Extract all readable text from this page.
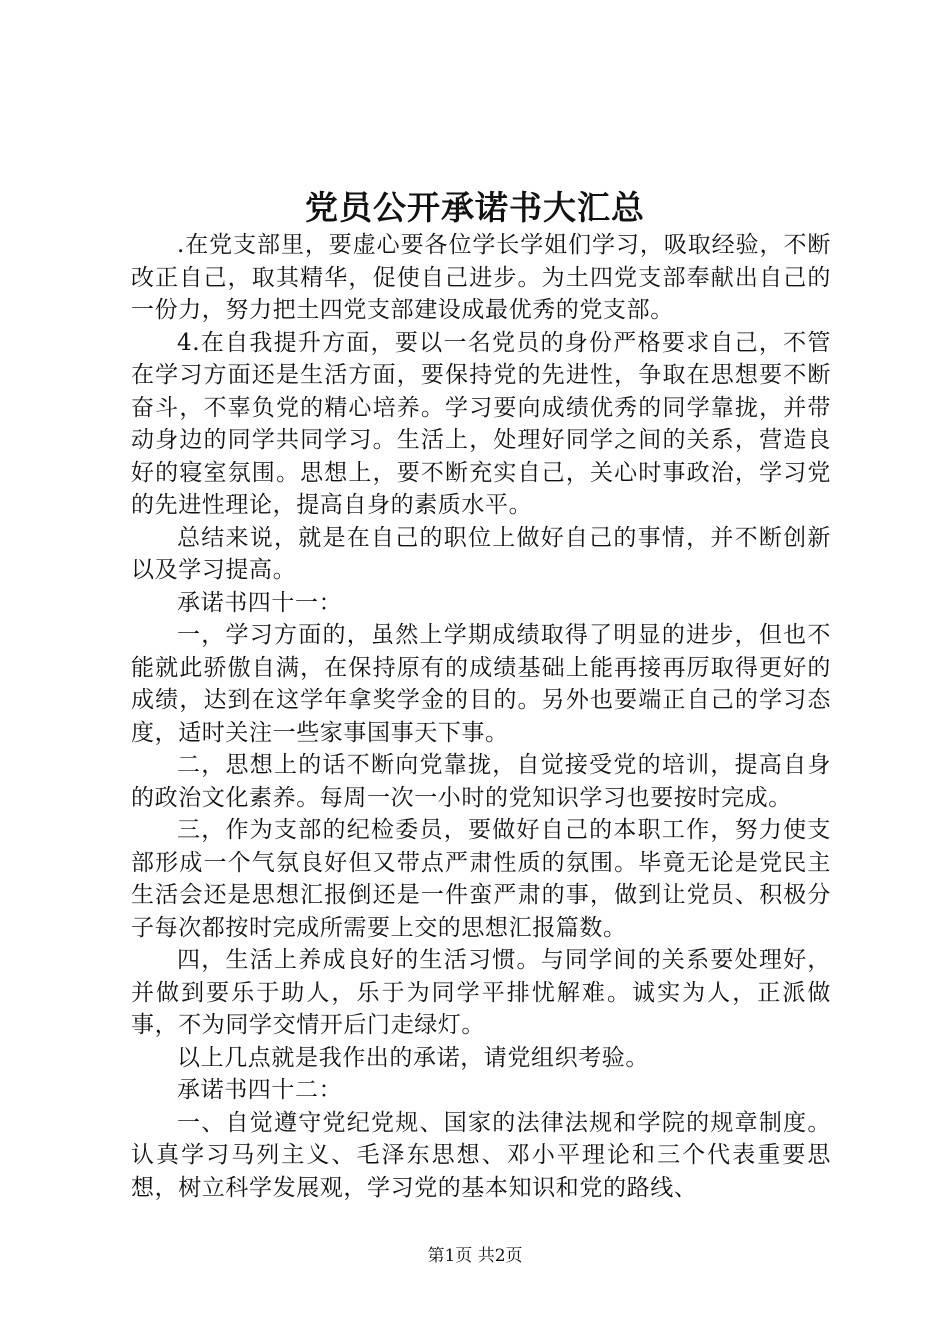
党员公开承诺书大汇总

.在党支部里，要虚心要各位学长学姐们学习，吸取经验，不断改正自己，取其精华，促使自己进步。为土四党支部奉献出自己的一份力，努力把土四党支部建设成最优秀的党支部。

4.在自我提升方面，要以一名党员的身份严格要求自己，不管在学习方面还是生活方面，要保持党的先进性，争取在思想要不断奋斗，不辜负党的精心培养。学习要向成绩优秀的同学靠拢，并带动身边的同学共同学习。生活上，处理好同学之间的关系，营造良好的寝室氛围。思想上，要不断充实自己，关心时事政治，学习党的先进性理论，提高自身的素质水平。

总结来说，就是在自己的职位上做好自己的事情，并不断创新以及学习提高。

承诺书四十一：

一，学习方面的，虽然上学期成绩取得了明显的进步，但也不能就此骄傲自满，在保持原有的成绩基础上能再接再厉取得更好的成绩，达到在这学年拿奖学金的目的。另外也要端正自己的学习态度，适时关注一些家事国事天下事。

二，思想上的话不断向党靠拢，自觉接受党的培训，提高自身的政治文化素养。每周一次一小时的党知识学习也要按时完成。

三，作为支部的纪检委员，要做好自己的本职工作，努力使支部形成一个气氛良好但又带点严肃性质的氛围。毕竟无论是党民主生活会还是思想汇报倒还是一件蛮严肃的事，做到让党员、积极分子每次都按时完成所需要上交的思想汇报篇数。

四，生活上养成良好的生活习惯。与同学间的关系要处理好，并做到要乐于助人，乐于为同学平排忧解难。诚实为人，正派做事，不为同学交情开后门走绿灯。

以上几点就是我作出的承诺，请党组织考验。

承诺书四十二：

一、自觉遵守党纪党规、国家的法律法规和学院的规章制度。认真学习马列主义、毛泽东思想、邓小平理论和三个代表重要思想，树立科学发展观，学习党的基本知识和党的路线、

第1页 共2页
